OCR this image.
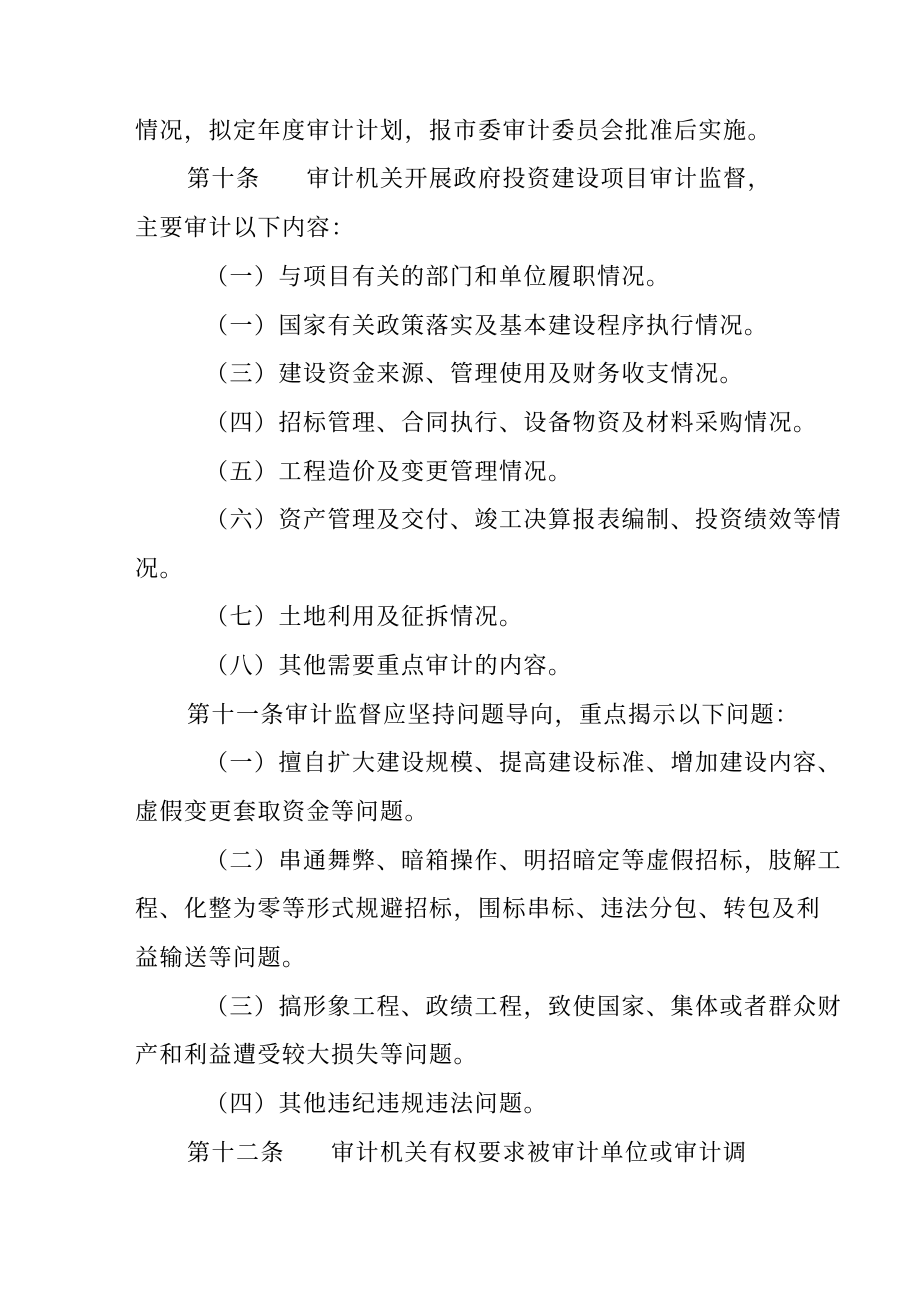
情况，拟定年度审计计划，报市委审计委员会批准后实施。
第十条 审计机关开展政府投资建设项目审计监督，
主要审计以下内容：
（一）与项目有关的部门和单位履职情况。
（一）国家有关政策落实及基本建设程序执行情况。
（三）建设资金来源、管理使用及财务收支情况。
（四）招标管理、合同执行、设备物资及材料采购情况。
（五）工程造价及变更管理情况。
（六）资产管理及交付、竣工决算报表编制、投资绩效等情
况。
（七）土地利用及征拆情况。
（八）其他需要重点审计的内容。
第十一条审计监督应坚持问题导向，重点揭示以下问题：
（一）擅自扩大建设规模、提高建设标准、增加建设内容、
虚假变更套取资金等问题。
（二）串通舞弊、暗箱操作、明招暗定等虚假招标，肢解工
程、化整为零等形式规避招标，围标串标、违法分包、转包及利
益输送等问题。
（三）搞形象工程、政绩工程，致使国家、集体或者群众财
产和利益遭受较大损失等问题。
（四）其他违纪违规违法问题。
第十二条 审计机关有权要求被审计单位或审计调
